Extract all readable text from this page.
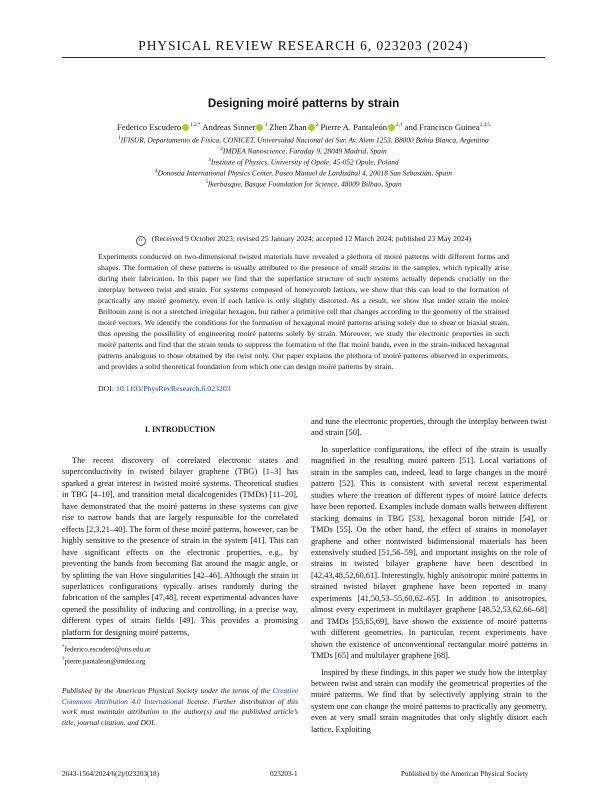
PHYSICAL REVIEW RESEARCH 6, 023203 (2024)
Designing moiré patterns by strain
Federico Escudero $^{1,2,*}$ Andreas Sinner $^3$ Zhen Zhan $^2$ Pierre A. Pantaleón $^{2,\dagger}$ and Francisco Guinea$^{2,4,5}$
$^1$IFISUR, Departamento de Física, CONICET, Universidad Nacional del Sur, Av. Alem 1253, B8000 Bahía Blanca, Argentina
$^2$IMDEA Nanoscience, Faraday 9, 28049 Madrid, Spain
$^3$Institute of Physics, University of Opole, 45-052 Opole, Poland
$^4$Donostia International Physics Center, Paseo Manuel de Lardizábal 4, 20018 San Sebastián, Spain
$^5$Ikerbasque, Basque Foundation for Science, 48009 Bilbao, Spain
cc (Received 9 October 2023; revised 25 January 2024; accepted 12 March 2024; published 23 May 2024)
Experiments conducted on two-dimensional twisted materials have revealed a plethora of moiré patterns with different forms and shapes. The formation of these patterns is usually attributed to the presence of small strains in the samples, which typically arise during their fabrication. In this paper we find that the superlattice structure of such systems actually depends crucially on the interplay between twist and strain. For systems composed of honeycomb lattices, we show that this can lead to the formation of practically any moiré geometry, even if each lattice is only slightly distorted. As a result, we show that under strain the moiré Brillouin zone is not a stretched irregular hexagon, but rather a primitive cell that changes according to the geometry of the strained moiré vectors. We identify the conditions for the formation of hexagonal moiré patterns arising solely due to shear or biaxial strain, thus opening the possibility of engineering moiré patterns solely by strain. Moreover, we study the electronic properties in such moiré patterns and find that the strain tends to suppress the formation of the flat moiré bands, even in the strain-induced hexagonal patterns analogous to those obtained by the twist only. Our paper explains the plethora of moiré patterns observed in experiments, and provides a solid theoretical foundation from which one can design moiré patterns by strain.
DOI: 10.1103/PhysRevResearch.6.023203
I. INTRODUCTION
The recent discovery of correlated electronic states and superconductivity in twisted bilayer graphene (TBG) [1–3] has sparked a great interest in twisted moiré systems. Theoretical studies in TBG [4–10], and transition metal dicalcogenides (TMDs) [11–20], have demonstrated that the moiré patterns in these systems can give rise to narrow bands that are largely responsible for the correlated effects [2,3,21–40]. The form of these moiré patterns, however, can be highly sensitive to the presence of strain in the system [41]. This can have significant effects on the electronic properties, e.g., by preventing the bands from becoming flat around the magic angle, or by splitting the van Hove singularities [42–46]. Although the strain in superlattices configurations typically arises randomly during the fabrication of the samples [47,48], recent experimental advances have opened the possibility of inducing and controlling, in a precise way, different types of strain fields [49]. This provides a promising platform for designing moiré patterns,
and tune the electronic properties, through the interplay between twist and strain [50].
In superlattice configurations, the effect of the strain is usually magnified in the resulting moiré pattern [51]. Local variations of strain in the samples can, indeed, lead to large changes in the moiré pattern [52]. This is consistent with several recent experimental studies where the creation of different types of moiré lattice defects have been reported. Examples include domain walls between different stacking domains in TBG [53], hexagonal boron nitride [54], or TMDs [55]. On the other hand, the effect of strains in monolayer graphene and other nontwisted bidimensional materials has been extensively studied [51,56–59], and important insights on the role of strains in twisted bilayer graphene have been described in [42,43,48,52,60,61]. Interestingly, highly anisotropic moiré patterns in strained twisted bilayer graphene have been reported in many experiments [41,50,53–55,60,62–65]. In addition to anisotropies, almost every experiment in multilayer graphene [48,52,53,62,66–68] and TMDs [55,65,69], have shown the existence of moiré patterns with different geometries. In particular, recent experiments have shown the existence of unconventional rectangular moiré patterns in TMDs [65] and multilayer graphene [68].
Inspired by these findings, in this paper we study how the interplay between twist and strain can modify the geometrical properties of the moiré patterns. We find that by selectively applying strain to the system one can change the moiré patterns to practically any geometry, even at very small strain magnitudes that only slightly distort each lattice. Exploiting
*federico.escudero@uns.edu.ar
†pierre.pantaleon@imdea.org
Published by the American Physical Society under the terms of the Creative Commons Attribution 4.0 International license. Further distribution of this work must maintain attribution to the author(s) and the published article’s title, journal citation, and DOI.
2643-1564/2024/6(2)/023203(18)	023203-1	Published by the American Physical Society
